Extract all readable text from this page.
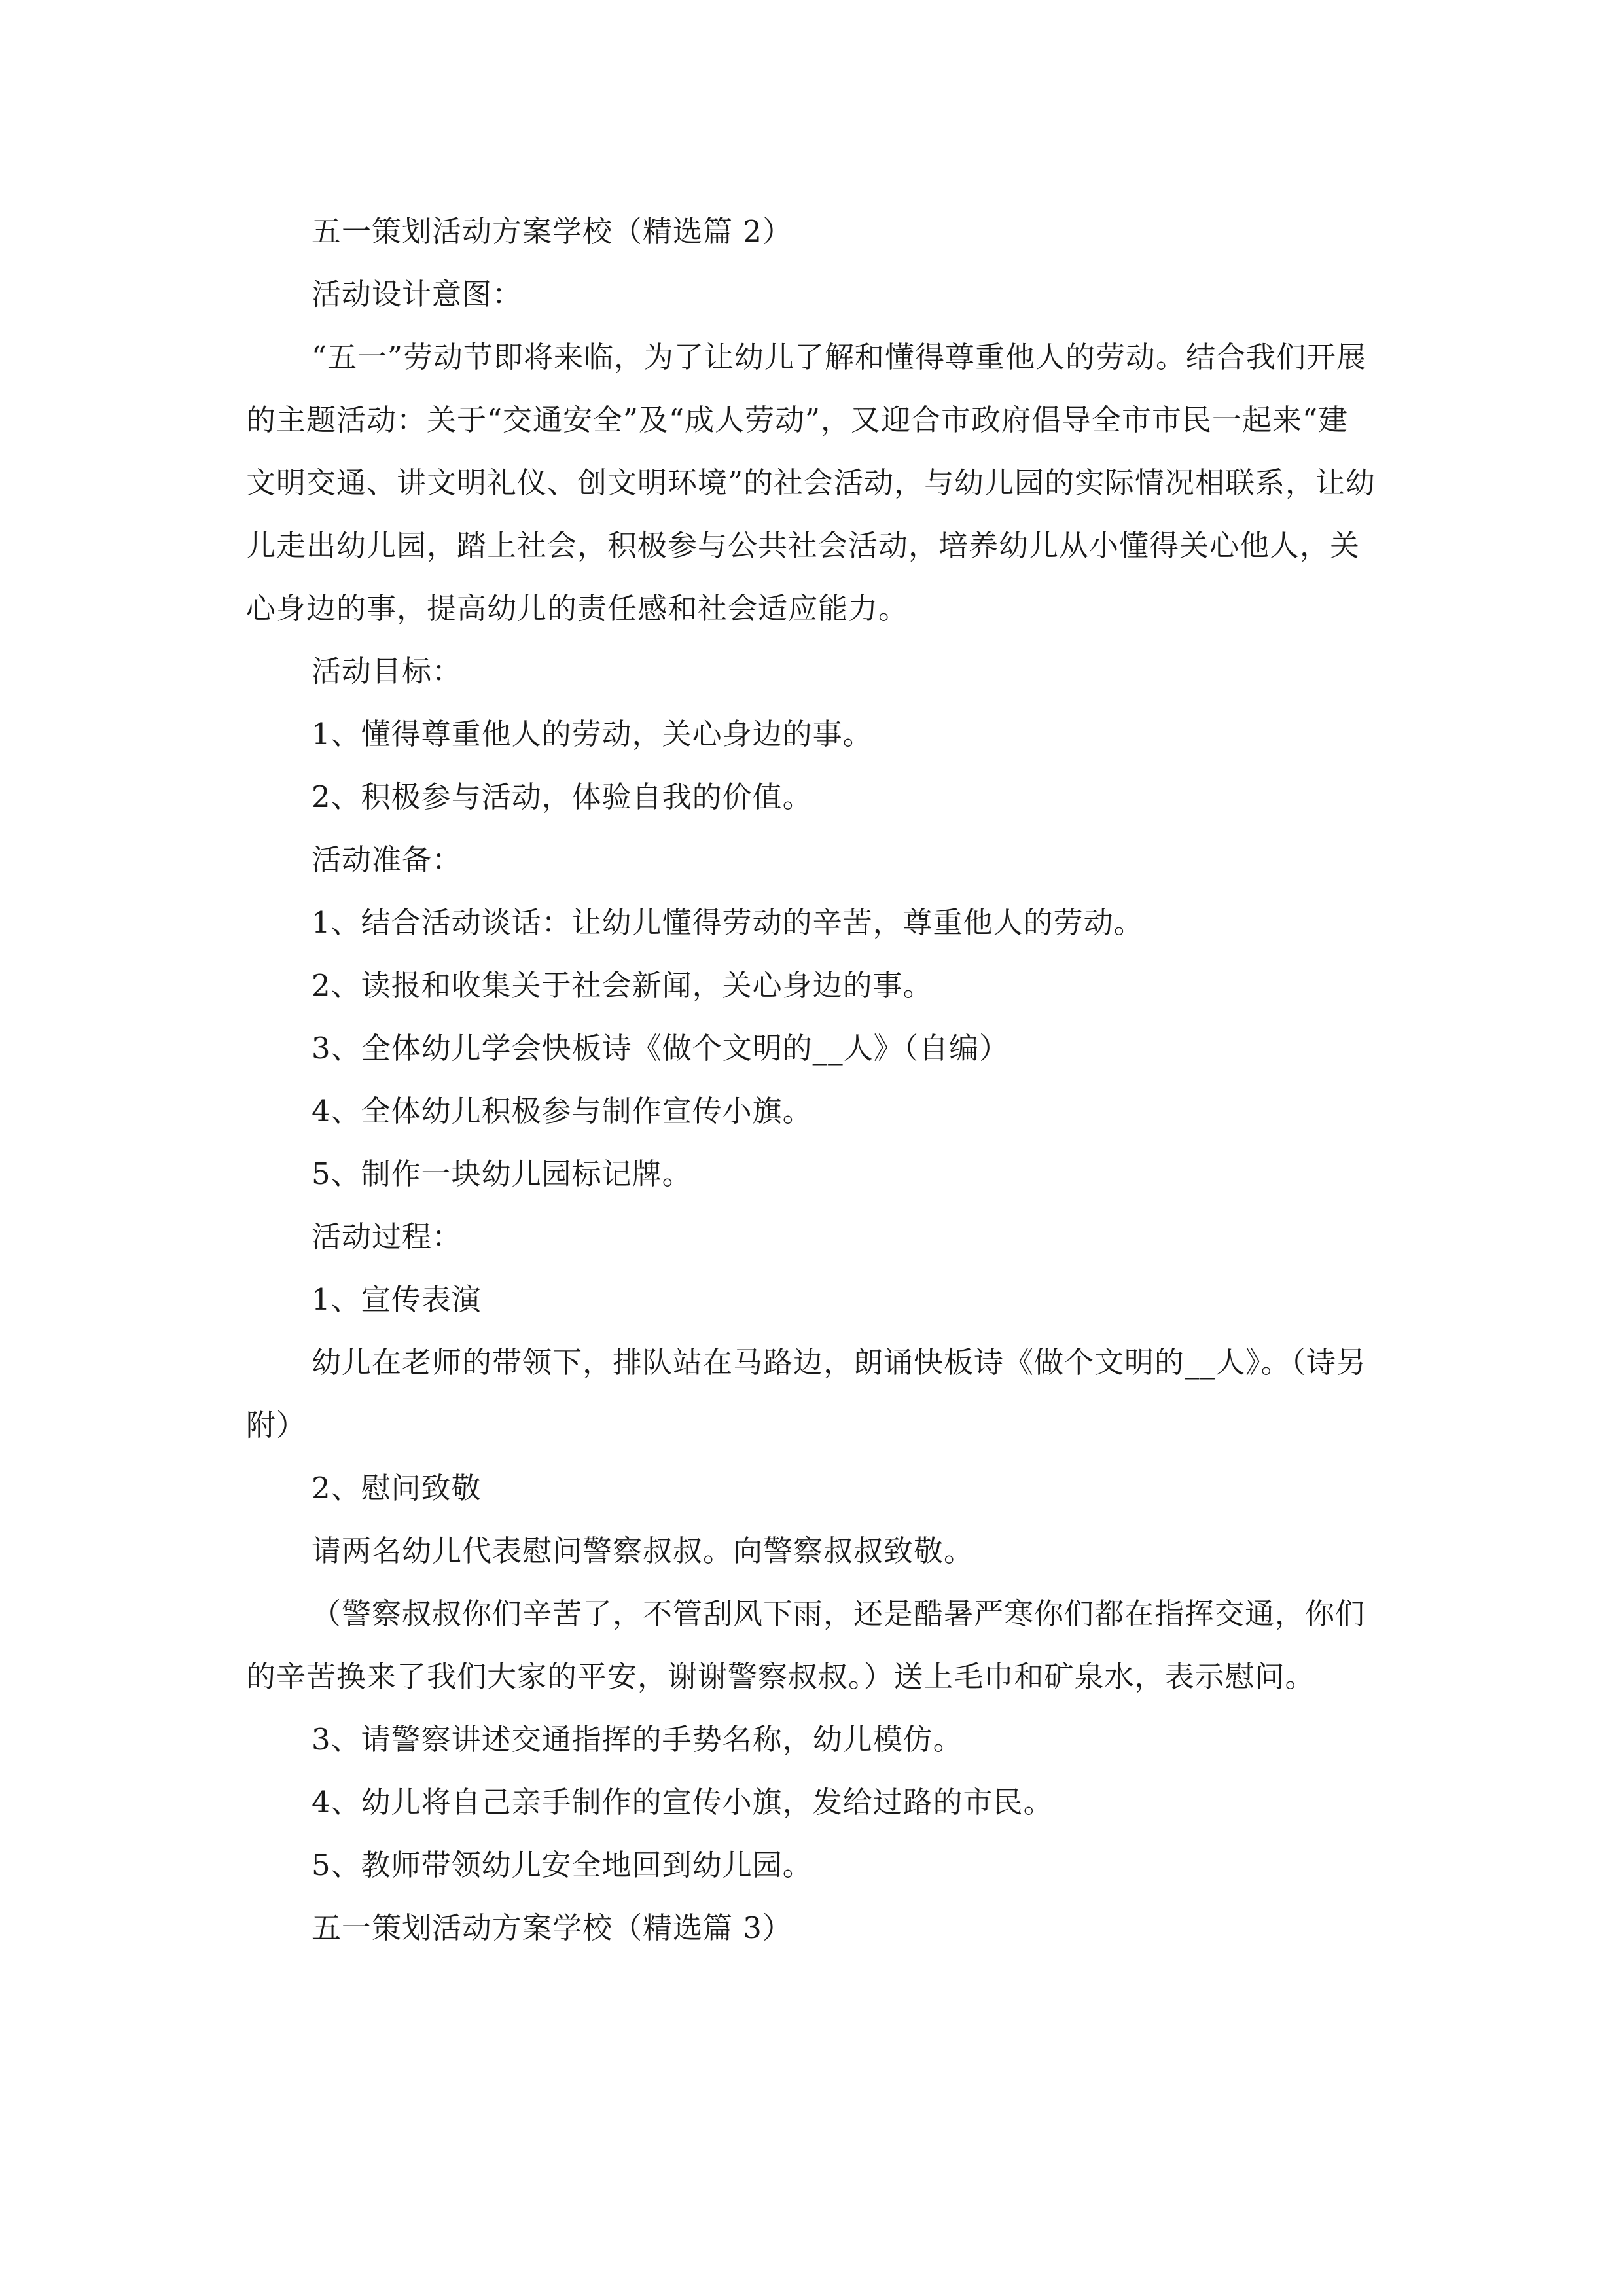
五一策划活动方案学校（精选篇 2）

活动设计意图：

“五一”劳动节即将来临，为了让幼儿了解和懂得尊重他人的劳动。结合我们开展的主题活动：关于“交通安全”及“成人劳动”，又迎合市政府倡导全市市民一起来“建文明交通、讲文明礼仪、创文明环境”的社会活动，与幼儿园的实际情况相联系，让幼儿走出幼儿园，踏上社会，积极参与公共社会活动，培养幼儿从小懂得关心他人，关心身边的事，提高幼儿的责任感和社会适应能力。

活动目标：

1、懂得尊重他人的劳动，关心身边的事。

2、积极参与活动，体验自我的价值。

活动准备：

1、结合活动谈话：让幼儿懂得劳动的辛苦，尊重他人的劳动。

2、读报和收集关于社会新闻，关心身边的事。

3、全体幼儿学会快板诗《做个文明的__人》（自编）

4、全体幼儿积极参与制作宣传小旗。

5、制作一块幼儿园标记牌。

活动过程：

1、宣传表演

幼儿在老师的带领下，排队站在马路边，朗诵快板诗《做个文明的__人》。（诗另附）

2、慰问致敬

请两名幼儿代表慰问警察叔叔。向警察叔叔致敬。

（警察叔叔你们辛苦了，不管刮风下雨，还是酷暑严寒你们都在指挥交通，你们的辛苦换来了我们大家的平安，谢谢警察叔叔。）送上毛巾和矿泉水，表示慰问。

3、请警察讲述交通指挥的手势名称，幼儿模仿。

4、幼儿将自己亲手制作的宣传小旗，发给过路的市民。

5、教师带领幼儿安全地回到幼儿园。

五一策划活动方案学校（精选篇 3）
